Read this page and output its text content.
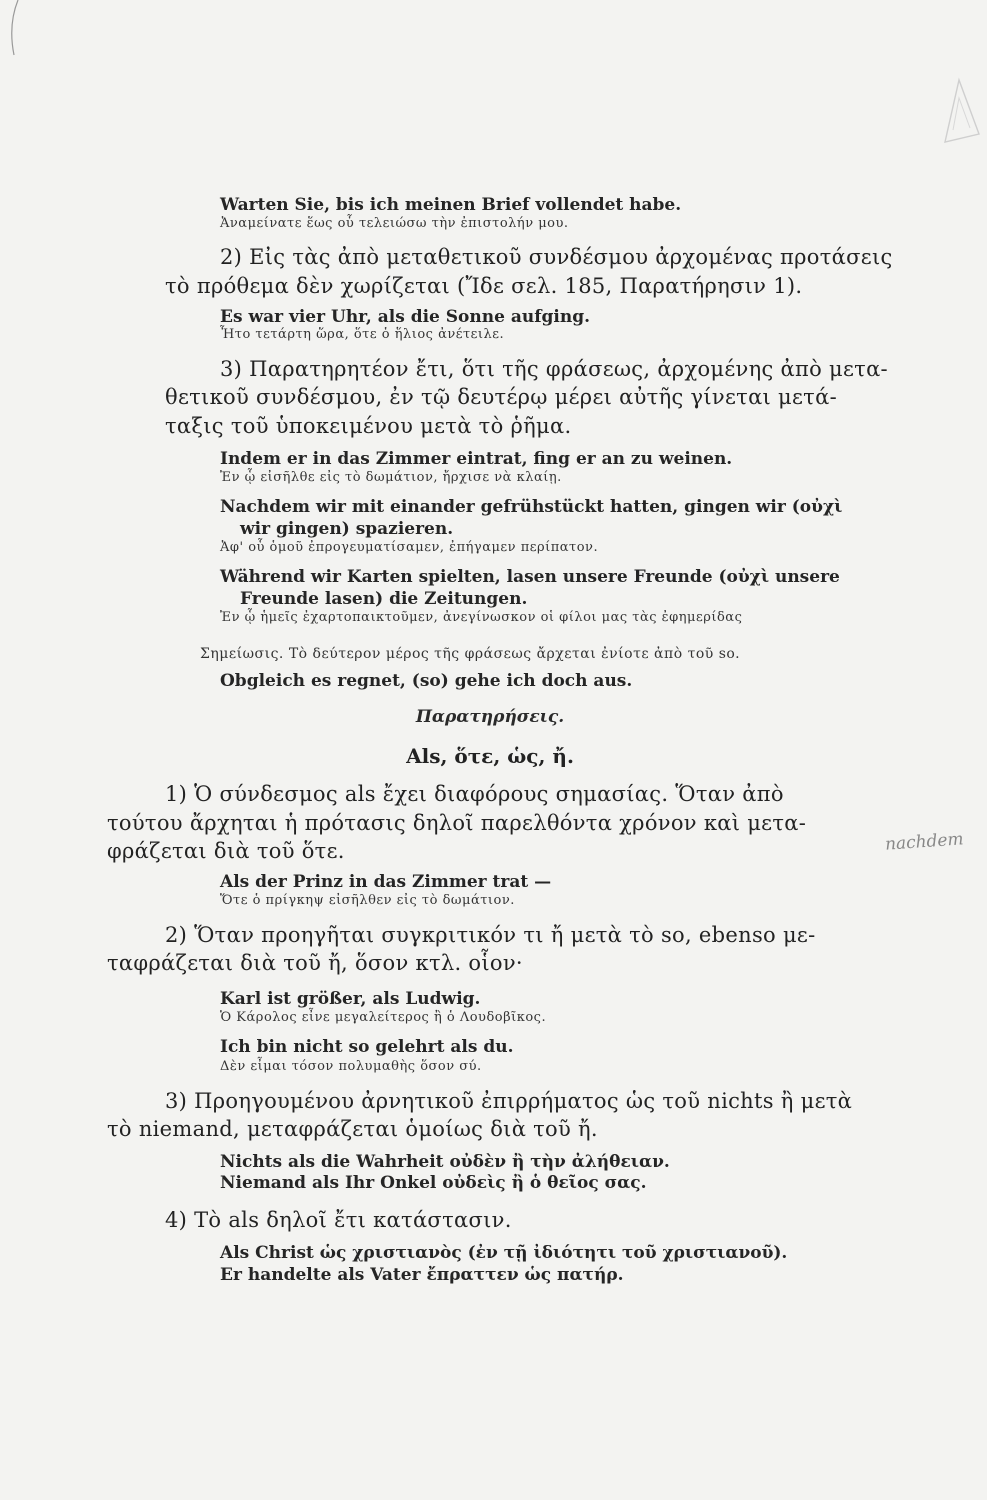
nachdem
Warten Sie, bis ich meinen Brief vollendet habe.
Ἀναμείνατε ἕως οὗ τελειώσω τὴν ἐπιστολήν μου.
2) Εἰς τὰς ἀπὸ μεταθετικοῦ συνδέσμου ἀρχομένας προτάσεις
τὸ πρόθεμα δὲν χωρίζεται (Ἴδε σελ. 185, Παρατήρησιν 1).
Es war vier Uhr, als die Sonne aufging.
Ἦτο τετάρτη ὥρα, ὅτε ὁ ἥλιος ἀνέτειλε.
3) Παρατηρητέον ἔτι, ὅτι τῆς φράσεως, ἀρχομένης ἀπὸ μετα-
θετικοῦ συνδέσμου, ἐν τῷ δευτέρῳ μέρει αὐτῆς γίνεται μετά-
ταξις τοῦ ὑποκειμένου μετὰ τὸ ῥῆμα.
Indem er in das Zimmer eintrat, fing er an zu weinen.
Ἐν ᾧ εἰσῆλθε εἰς τὸ δωμάτιον, ἤρχισε νὰ κλαίῃ.
Nachdem wir mit einander gefrühstückt hatten, gingen wir (οὐχὶ
wir gingen) spazieren.
Ἀφ' οὗ ὁμοῦ ἐπρογευματίσαμεν, ἐπήγαμεν περίπατον.
Während wir Karten spielten, lasen unsere Freunde (οὐχὶ unsere
Freunde lasen) die Zeitungen.
Ἐν ᾧ ἡμεῖς ἐχαρτοπαικτοῦμεν, ἀνεγίνωσκον οἱ φίλοι μας τὰς ἐφημερίδας
Σημείωσις. Τὸ δεύτερον μέρος τῆς φράσεως ἄρχεται ἐνίοτε ἀπὸ τοῦ so.
Obgleich es regnet, (so) gehe ich doch aus.
Παρατηρήσεις.
Als, ὅτε, ὡς, ἤ.
1) Ὁ σύνδεσμος als ἔχει διαφόρους σημασίας. Ὅταν ἀπὸ
τούτου ἄρχηται ἡ πρότασις δηλοῖ παρελθόντα χρόνον καὶ μετα-
φράζεται διὰ τοῦ ὅτε.
Als der Prinz in das Zimmer trat —
Ὅτε ὁ πρίγκηψ εἰσῆλθεν εἰς τὸ δωμάτιον.
2) Ὅταν προηγῆται συγκριτικόν τι ἤ μετὰ τὸ so, ebenso με-
ταφράζεται διὰ τοῦ ἤ, ὅσον κτλ. οἷον·
Karl ist größer, als Ludwig.
Ὁ Κάρολος εἶνε μεγαλείτερος ἢ ὁ Λουδοβῖκος.
Ich bin nicht so gelehrt als du.
Δὲν εἶμαι τόσον πολυμαθὴς ὅσον σύ.
3) Προηγουμένου ἀρνητικοῦ ἐπιρρήματος ὡς τοῦ nichts ἢ μετὰ
τὸ niemand, μεταφράζεται ὁμοίως διὰ τοῦ ἤ.
Nichts als die Wahrheit οὐδὲν ἢ τὴν ἀλήθειαν.
Niemand als Ihr Onkel οὐδεὶς ἢ ὁ θεῖος σας.
4) Τὸ als δηλοῖ ἔτι κατάστασιν.
Als Christ ὡς χριστιανὸς (ἐν τῇ ἰδιότητι τοῦ χριστιανοῦ).
Er handelte als Vater ἔπραττεν ὡς πατήρ.
